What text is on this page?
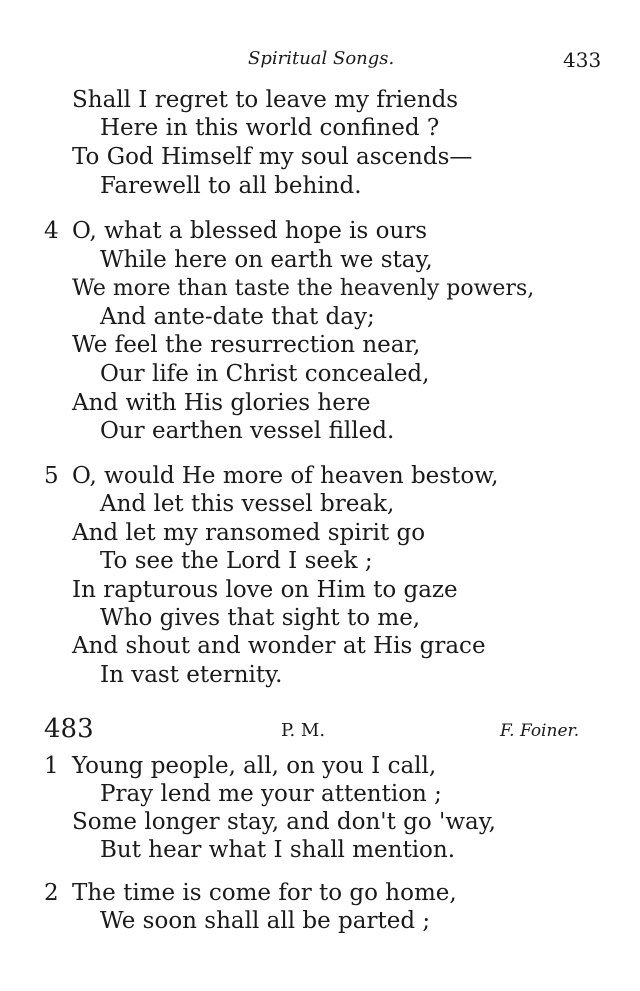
Spiritual Songs.	433
Shall I regret to leave my friends
Here in this world confined ?
To God Himself my soul ascends—
Farewell to all behind.
4 O, what a blessed hope is ours
While here on earth we stay,
We more than taste the heavenly powers,
And ante-date that day;
We feel the resurrection near,
Our life in Christ concealed,
And with His glories here
Our earthen vessel filled.
5 O, would He more of heaven bestow,
And let this vessel break,
And let my ransomed spirit go
To see the Lord I seek ;
In rapturous love on Him to gaze
Who gives that sight to me,
And shout and wonder at His grace
In vast eternity.
483	P. M.	F. Foiner.
1 Young people, all, on you I call,
Pray lend me your attention ;
Some longer stay, and don't go 'way,
But hear what I shall mention.
2 The time is come for to go home,
We soon shall all be parted ;
